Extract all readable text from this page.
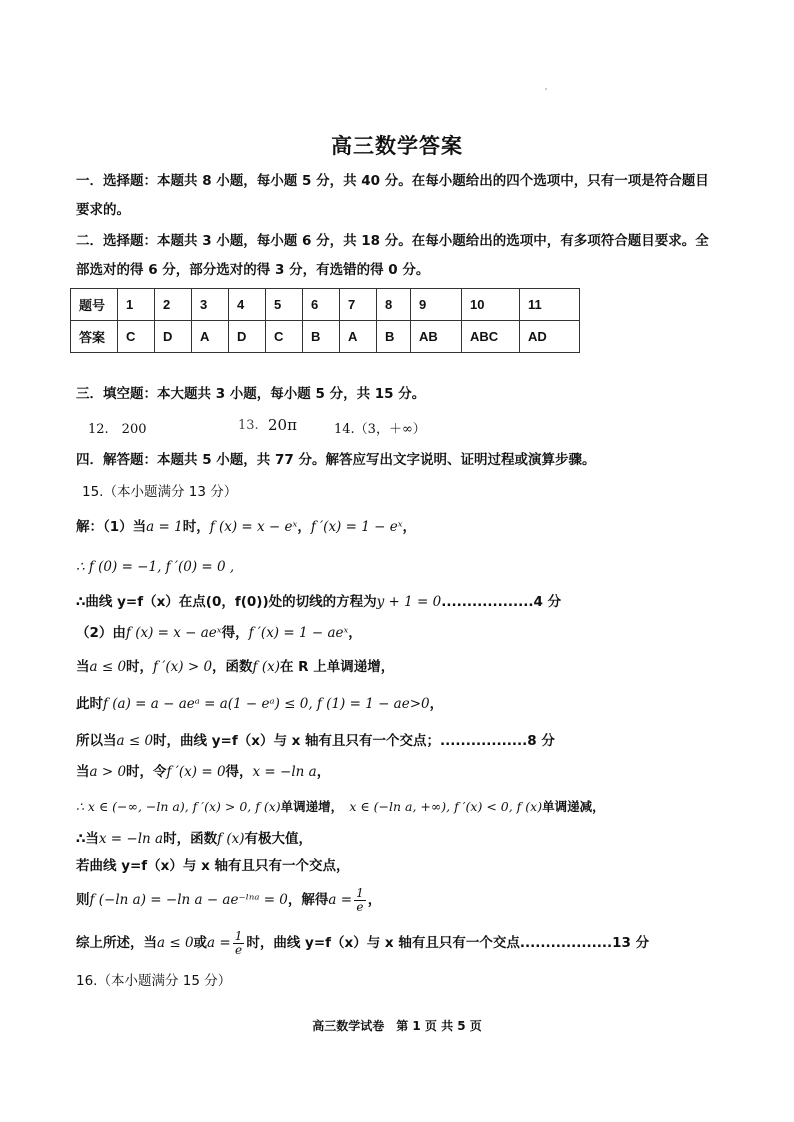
高三数学答案
一．选择题：本题共 8 小题，每小题 5 分，共 40 分。在每小题给出的四个选项中，只有一项是符合题目
要求的。
二．选择题：本题共 3 小题，每小题 6 分，共 18 分。在每小题给出的选项中，有多项符合题目要求。全
部选对的得 6 分，部分选对的得 3 分，有选错的得 0 分。
题号	1	2	3	4	5	6	7	8	9	10	11
答案	C	D	A	D	C	B	A	B	AB	ABC	AD
三．填空题：本大题共 3 小题，每小题 5 分，共 15 分。
12.　200	13. 20π	14.（3，＋∞）
四．解答题：本题共 5 小题，共 77 分。解答应写出文字说明、证明过程或演算步骤。
15.（本小题满分 13 分）
解：（1）当a = 1时，f (x) = x − eˣ，f ′(x) = 1 − eˣ，
∴ f (0) = −1, f ′(0) = 0 ,
∴曲线 y=f（x）在点(0，f(0))处的切线的方程为y + 1 = 0..................4 分
（2）由f (x) = x − aeˣ得，f ′(x) = 1 − aeˣ，
当a ≤ 0时，f ′(x) > 0，函数f (x)在 R 上单调递增，
此时f (a) = a − aeᵃ = a(1 − eᵃ) ≤ 0, f (1) = 1 − ae>0，
所以当a ≤ 0时，曲线 y=f（x）与 x 轴有且只有一个交点；.................8 分
当a > 0时，令f ′(x) = 0得，x = −ln a，
∴ x ∈ (−∞, −ln a), f ′(x) > 0, f (x)单调递增，  x ∈ (−ln a, +∞), f ′(x) < 0, f (x)单调递减，
∴当x = −ln a时，函数f (x)有极大值，
若曲线 y=f（x）与 x 轴有且只有一个交点，
则f (−ln a) = −ln a − ae⁻ˡⁿᵃ = 0，解得$a = \frac{1}{e}$ ，
综上所述，当a ≤ 0或$a = \frac{1}{e}$ 时，曲线 y=f（x）与 x 轴有且只有一个交点..................13 分
16.（本小题满分 15 分）
高三数学试卷　第 1 页 共 5 页
